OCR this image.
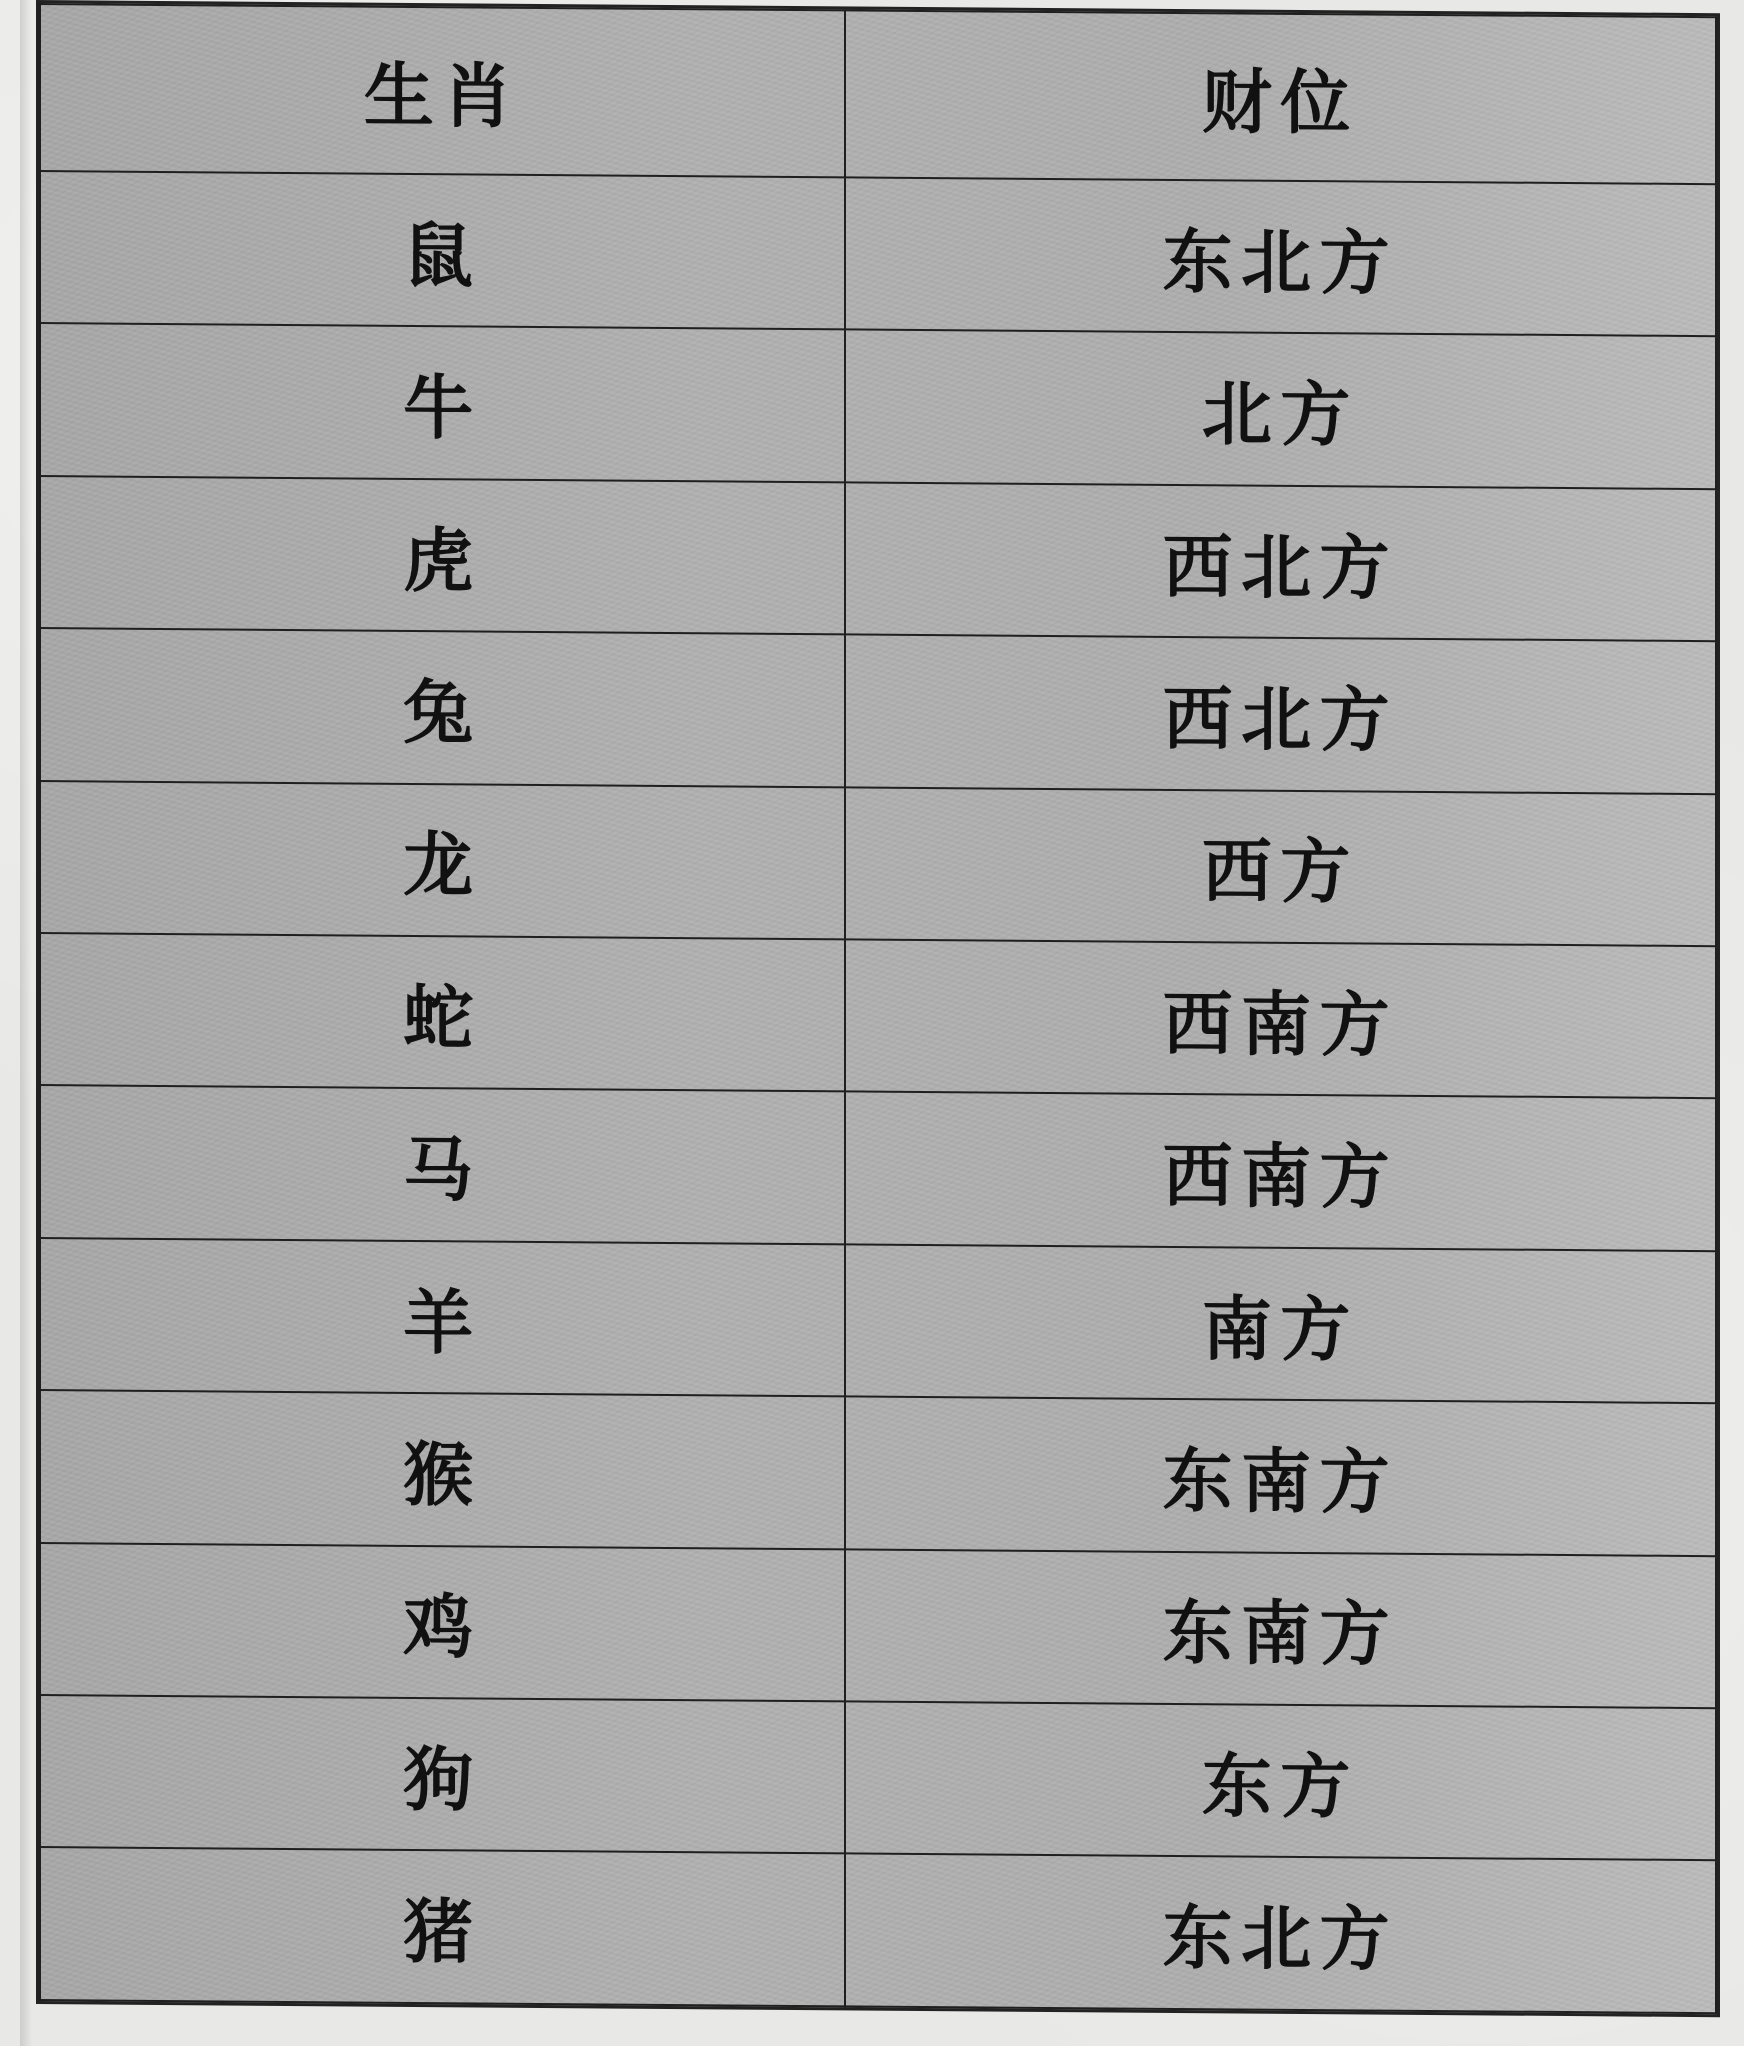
生肖	财位
鼠	东北方
牛	北方
虎	西北方
兔	西北方
龙	西方
蛇	西南方
马	西南方
羊	南方
猴	东南方
鸡	东南方
狗	东方
猪	东北方
